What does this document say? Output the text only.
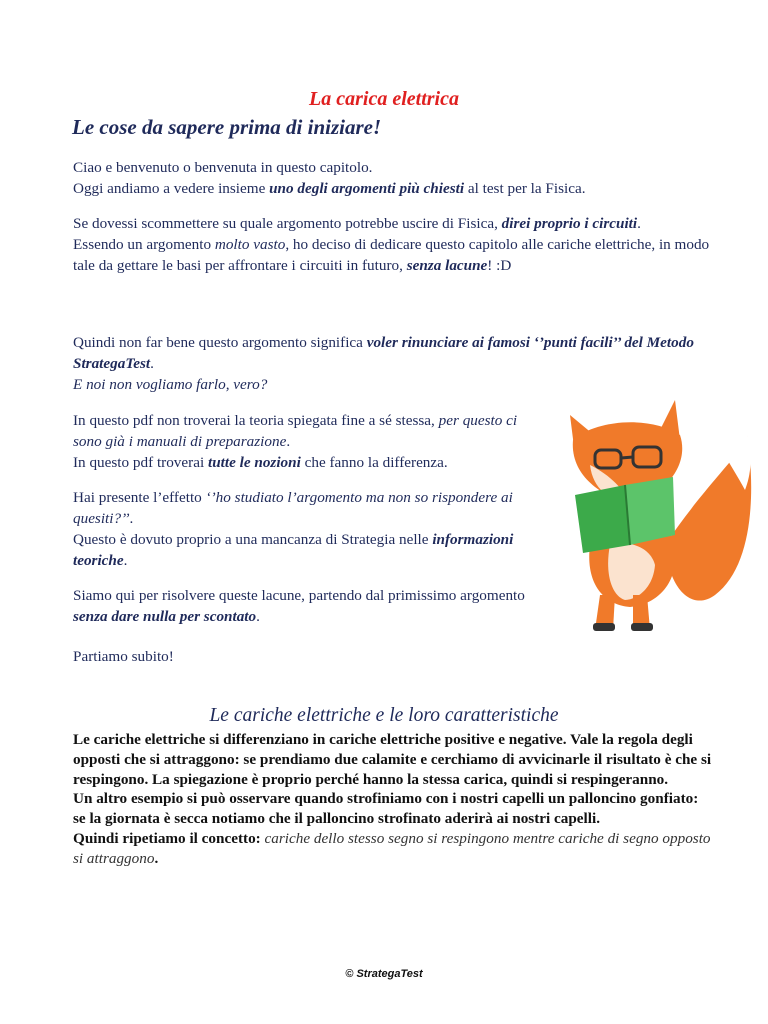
La carica elettrica
Le cose da sapere prima di iniziare!
Ciao e benvenuto o benvenuta in questo capitolo.
Oggi andiamo a vedere insieme uno degli argomenti più chiesti al test per la Fisica.
Se dovessi scommettere su quale argomento potrebbe uscire di Fisica, direi proprio i circuiti.
Essendo un argomento molto vasto, ho deciso di dedicare questo capitolo alle cariche elettriche, in modo tale da gettare le basi per affrontare i circuiti in futuro, senza lacune! :D
Quindi non far bene questo argomento significa voler rinunciare ai famosi ‘’punti facili’’ del Metodo StrategaTest.
E noi non vogliamo farlo, vero?
In questo pdf non troverai la teoria spiegata fine a sé stessa, per questo ci sono già i manuali di preparazione.
In questo pdf troverai tutte le nozioni che fanno la differenza.
Hai presente l’effetto ‘’ho studiato l’argomento ma non so rispondere ai quesiti?’’.
Questo è dovuto proprio a una mancanza di Strategia nelle informazioni teoriche.
Siamo qui per risolvere queste lacune, partendo dal primissimo argomento senza dare nulla per scontato.
Partiamo subito!
Le cariche elettriche e le loro caratteristiche
Le cariche elettriche si differenziano in cariche elettriche positive e negative. Vale la regola degli opposti che si attraggono: se prendiamo due calamite e cerchiamo di avvicinarle il risultato è che si respingono. La spiegazione è proprio perché hanno la stessa carica, quindi si respingeranno.
Un altro esempio si può osservare quando strofiniamo con i nostri capelli un palloncino gonfiato: se la giornata è secca notiamo che il palloncino strofinato aderirà ai nostri capelli.
Quindi ripetiamo il concetto: cariche dello stesso segno si respingono mentre cariche di segno opposto si attraggono.
© StrategaTest
